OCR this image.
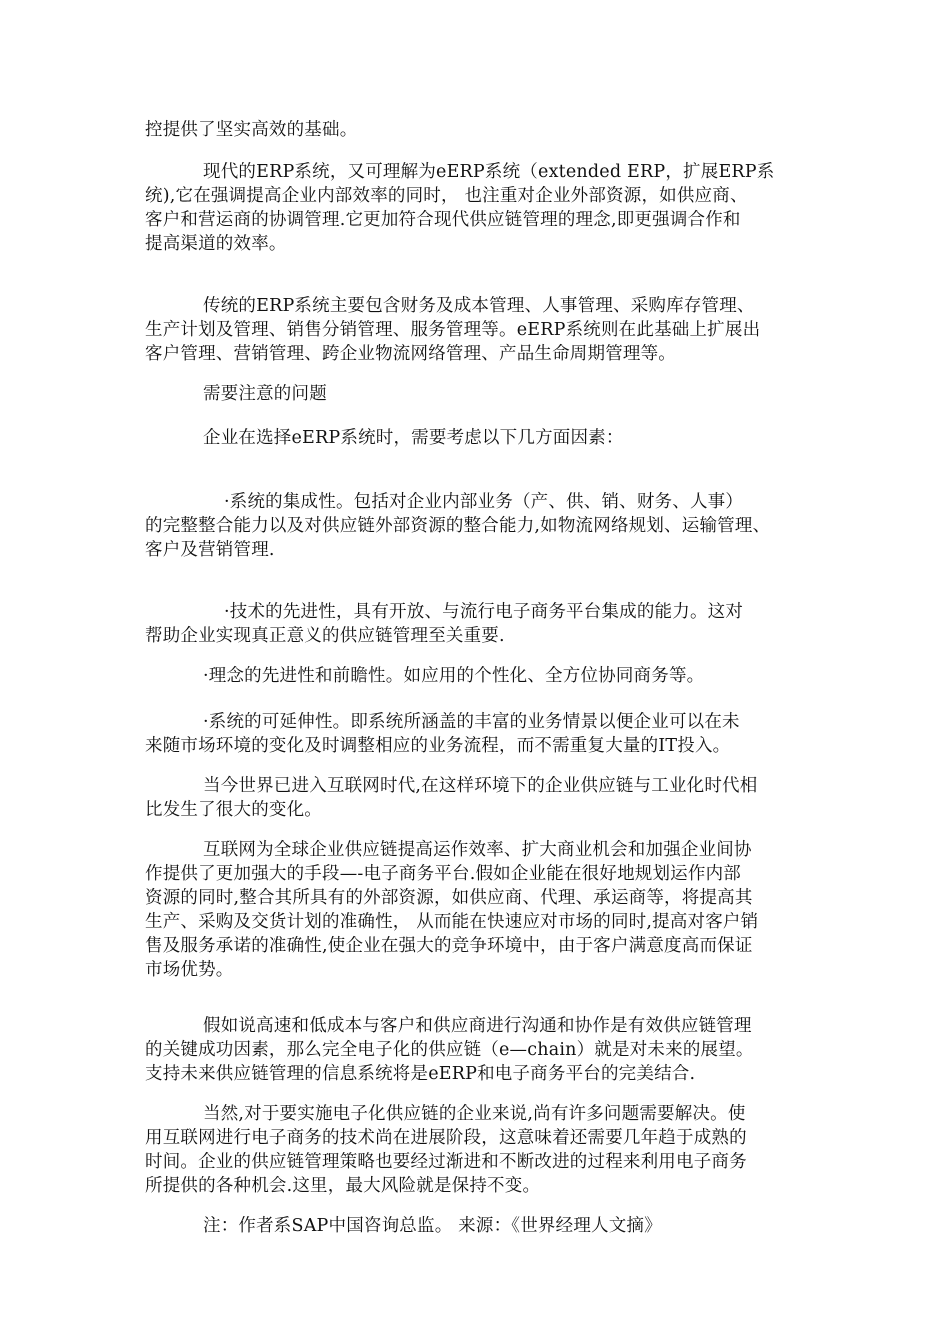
控提供了坚实高效的基础。
现代的ERP系统，又可理解为eERP系统（extended ERP，扩展ERP系
统),它在强调提高企业内部效率的同时， 也注重对企业外部资源，如供应商、
客户和营运商的协调管理.它更加符合现代供应链管理的理念,即更强调合作和
提高渠道的效率。
传统的ERP系统主要包含财务及成本管理、人事管理、采购库存管理、
生产计划及管理、销售分销管理、服务管理等。eERP系统则在此基础上扩展出
客户管理、营销管理、跨企业物流网络管理、产品生命周期管理等。
需要注意的问题
企业在选择eERP系统时，需要考虑以下几方面因素：
·系统的集成性。包括对企业内部业务（产、供、销、财务、人事）
的完整整合能力以及对供应链外部资源的整合能力,如物流网络规划、运输管理、
客户及营销管理.
·技术的先进性，具有开放、与流行电子商务平台集成的能力。这对
帮助企业实现真正意义的供应链管理至关重要.
·理念的先进性和前瞻性。如应用的个性化、全方位协同商务等。
·系统的可延伸性。即系统所涵盖的丰富的业务情景以便企业可以在未
来随市场环境的变化及时调整相应的业务流程，而不需重复大量的IT投入。
当今世界已进入互联网时代,在这样环境下的企业供应链与工业化时代相
比发生了很大的变化。
互联网为全球企业供应链提高运作效率、扩大商业机会和加强企业间协
作提供了更加强大的手段—-电子商务平台.假如企业能在很好地规划运作内部
资源的同时,整合其所具有的外部资源，如供应商、代理、承运商等，将提高其
生产、采购及交货计划的准确性， 从而能在快速应对市场的同时,提高对客户销
售及服务承诺的准确性,使企业在强大的竞争环境中，由于客户满意度高而保证
市场优势。
假如说高速和低成本与客户和供应商进行沟通和协作是有效供应链管理
的关键成功因素，那么完全电子化的供应链（e—chain）就是对未来的展望。
支持未来供应链管理的信息系统将是eERP和电子商务平台的完美结合.
当然,对于要实施电子化供应链的企业来说,尚有许多问题需要解决。使
用互联网进行电子商务的技术尚在进展阶段，这意味着还需要几年趋于成熟的
时间。企业的供应链管理策略也要经过渐进和不断改进的过程来利用电子商务
所提供的各种机会.这里，最大风险就是保持不变。
注：作者系SAP中国咨询总监。 来源：《世界经理人文摘》
